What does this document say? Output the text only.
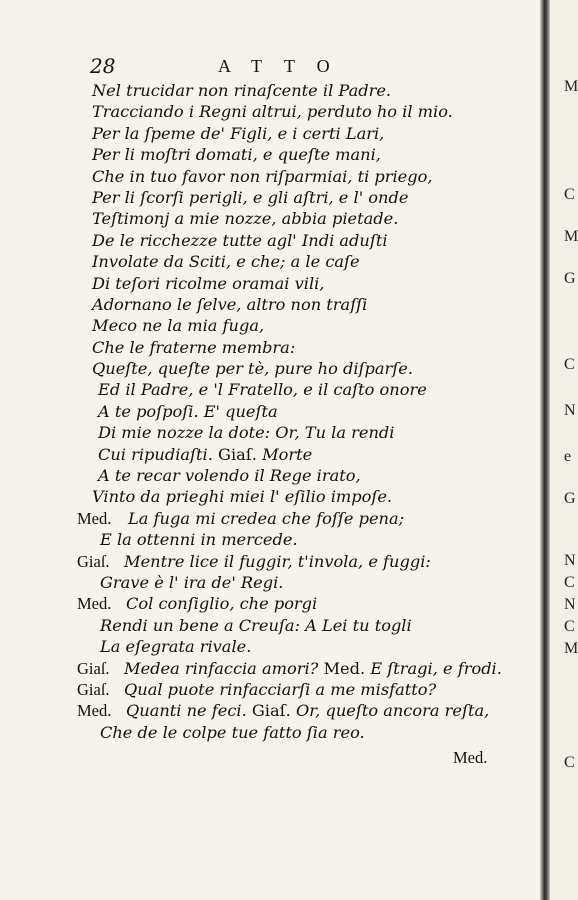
28	ATTO
Nel trucidar non rinaſcente il Padre.
Tracciando i Regni altrui, perduto ho il mio.
Per la ſpeme de' Figli, e i certi Lari,
Per li moſtri domati, e queſte mani,
Che in tuo favor non riſparmiai, ti priego,
Per li ſcorſi perigli, e gli aſtri, e l' onde
Teſtimonj a mie nozze, abbia pietade.
De le ricchezze tutte agl' Indi aduſti
Involate da Sciti, e che; a le caſe
Di teſori ricolme oramai vili,
Adornano le ſelve, altro non traſſi
Meco ne la mia fuga,
Che le fraterne membra:
Queſte, queſte per tè, pure ho diſparſe.
Ed il Padre, e 'l Fratello, e il caſto onore
A te poſpoſi. E' queſta
Di mie nozze la dote: Or, Tu la rendi
Cui ripudiaſti. Giaſ. Morte
A te recar volendo il Rege irato,
Vinto da prieghi miei l' eſilio impoſe.
Med. La fuga mi credea che foſſe pena;
E la ottenni in mercede.
Giaſ. Mentre lice il fuggir, t'invola, e fuggi:
Grave è l' ira de' Regi.
Med. Col conſiglio, che porgi
Rendi un bene a Creuſa: A Lei tu togli
La eſegrata rivale.
Giaſ. Medea rinfaccia amori? Med. E ſtragi, e frodi.
Giaſ. Qual puote rinfacciarſi a me misfatto?
Med. Quanti ne feci. Giaſ. Or, queſto ancora reſta,
Che de le colpe tue fatto ſia reo.
Med.
M
C
M
G
C
N
e
G
N
C
N
C
M
C
